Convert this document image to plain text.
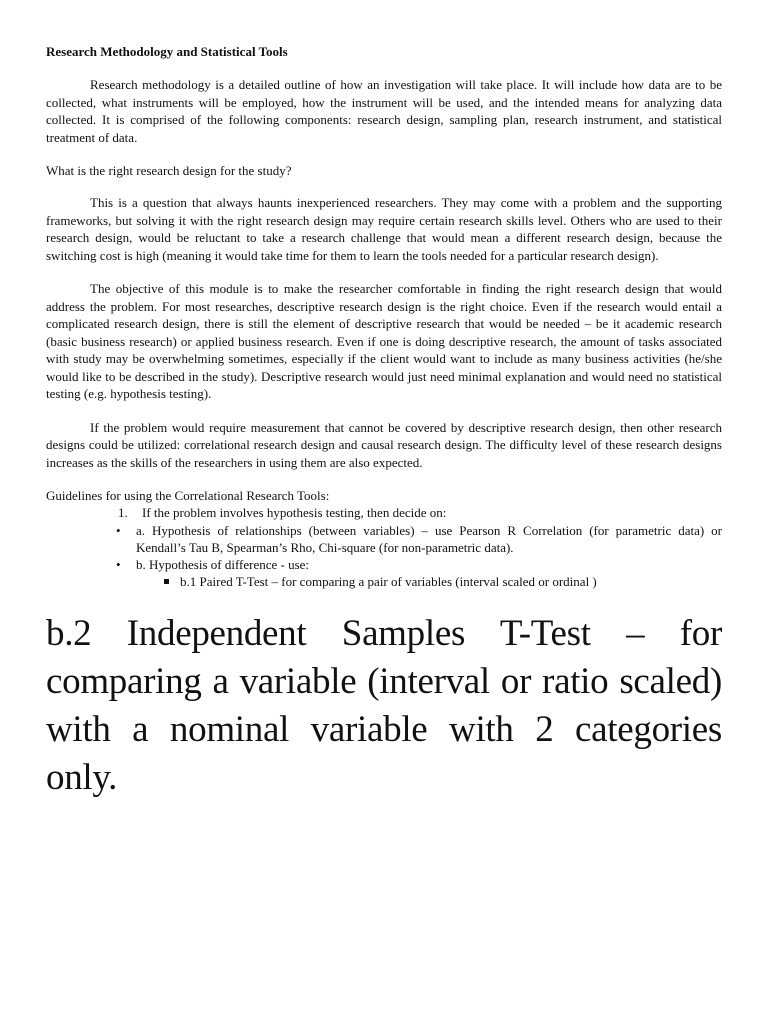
Research Methodology and Statistical Tools

Research methodology is a detailed outline of how an investigation will take place. It will include how data are to be collected, what instruments will be employed, how the instrument will be used, and the intended means for analyzing data collected. It is comprised of the following components: research design, sampling plan, research instrument, and statistical treatment of data.

What is the right research design for the study?

This is a question that always haunts inexperienced researchers. They may come with a problem and the supporting frameworks, but solving it with the right research design may require certain research skills level. Others who are used to their research design, would be reluctant to take a research challenge that would mean a different research design, because the switching cost is high (meaning it would take time for them to learn the tools needed for a particular research design).

The objective of this module is to make the researcher comfortable in finding the right research design that would address the problem. For most researches, descriptive research design is the right choice. Even if the research would entail a complicated research design, there is still the element of descriptive research that would be needed – be it academic research (basic business research) or applied business research. Even if one is doing descriptive research, the amount of tasks associated with study may be overwhelming sometimes, especially if the client would want to include as many business activities (he/she would like to be described in the study). Descriptive research would just need minimal explanation and would need no statistical testing (e.g. hypothesis testing).

If the problem would require measurement that cannot be covered by descriptive research design, then other research designs could be utilized: correlational research design and causal research design. The difficulty level of these research designs increases as the skills of the researchers in using them are also expected.

Guidelines for using the Correlational Research Tools:

1. If the problem involves hypothesis testing, then decide on:
• a. Hypothesis of relationships (between variables) – use Pearson R Correlation (for parametric data) or Kendall’s Tau B, Spearman’s Rho, Chi-square (for non-parametric data).
• b. Hypothesis of difference - use:
b.1 Paired T-Test – for comparing a pair of variables (interval scaled or ordinal )

b.2 Independent Samples T-Test – for comparing a variable (interval or ratio scaled) with a nominal variable with 2 categories only.
